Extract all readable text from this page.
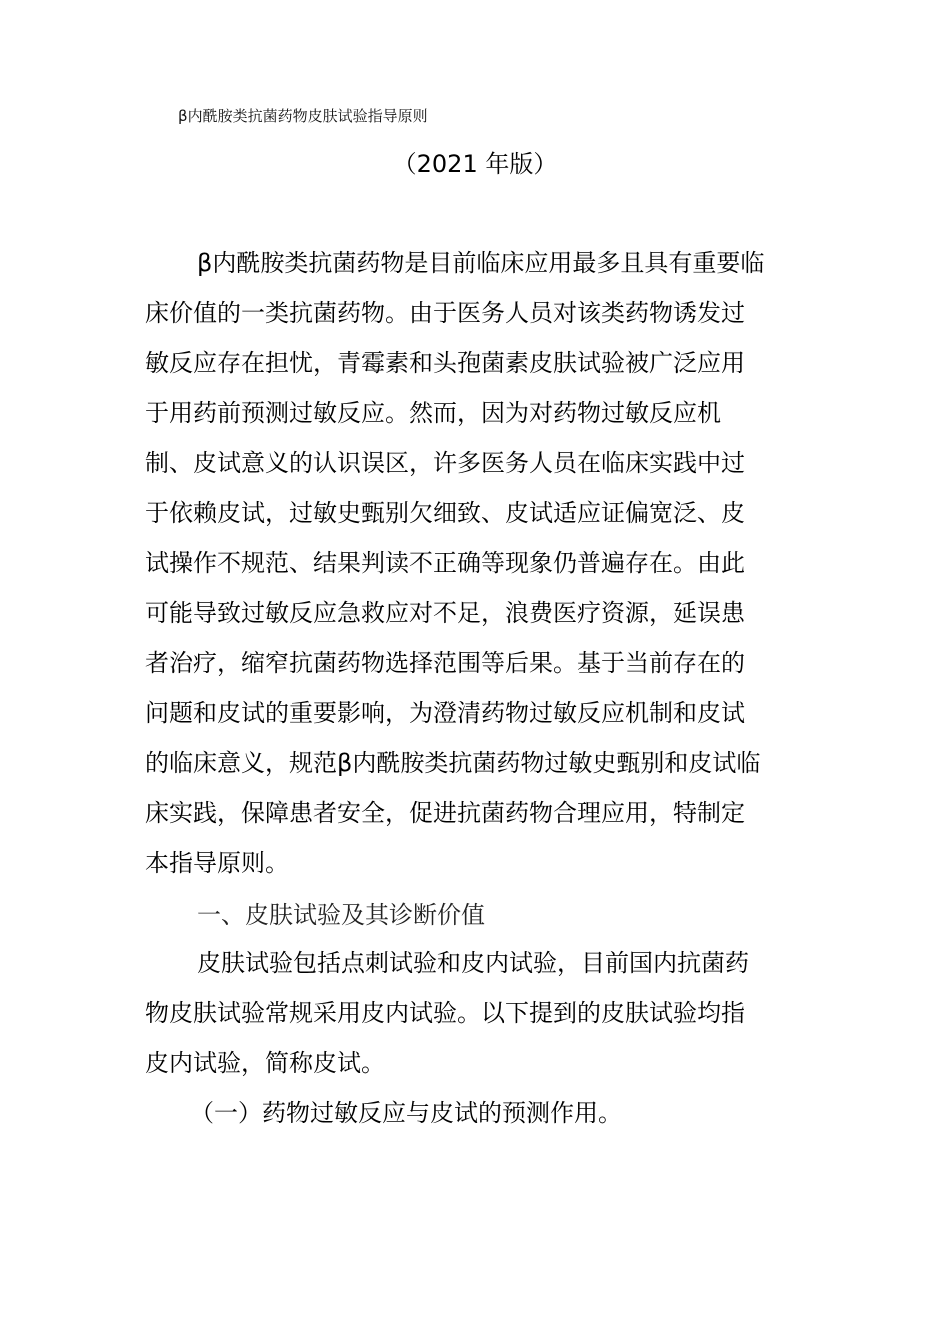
β内酰胺类抗菌药物皮肤试验指导原则
（2021 年版）
β内酰胺类抗菌药物是目前临床应用最多且具有重要临
床价值的一类抗菌药物。由于医务人员对该类药物诱发过
敏反应存在担忧，青霉素和头孢菌素皮肤试验被广泛应用
于用药前预测过敏反应。然而，因为对药物过敏反应机
制、皮试意义的认识误区，许多医务人员在临床实践中过
于依赖皮试，过敏史甄别欠细致、皮试适应证偏宽泛、皮
试操作不规范、结果判读不正确等现象仍普遍存在。由此
可能导致过敏反应急救应对不足，浪费医疗资源，延误患
者治疗，缩窄抗菌药物选择范围等后果。基于当前存在的
问题和皮试的重要影响，为澄清药物过敏反应机制和皮试
的临床意义，规范β内酰胺类抗菌药物过敏史甄别和皮试临
床实践，保障患者安全，促进抗菌药物合理应用，特制定
本指导原则。
一、皮肤试验及其诊断价值
皮肤试验包括点刺试验和皮内试验，目前国内抗菌药
物皮肤试验常规采用皮内试验。以下提到的皮肤试验均指
皮内试验，简称皮试。
（一）药物过敏反应与皮试的预测作用。
